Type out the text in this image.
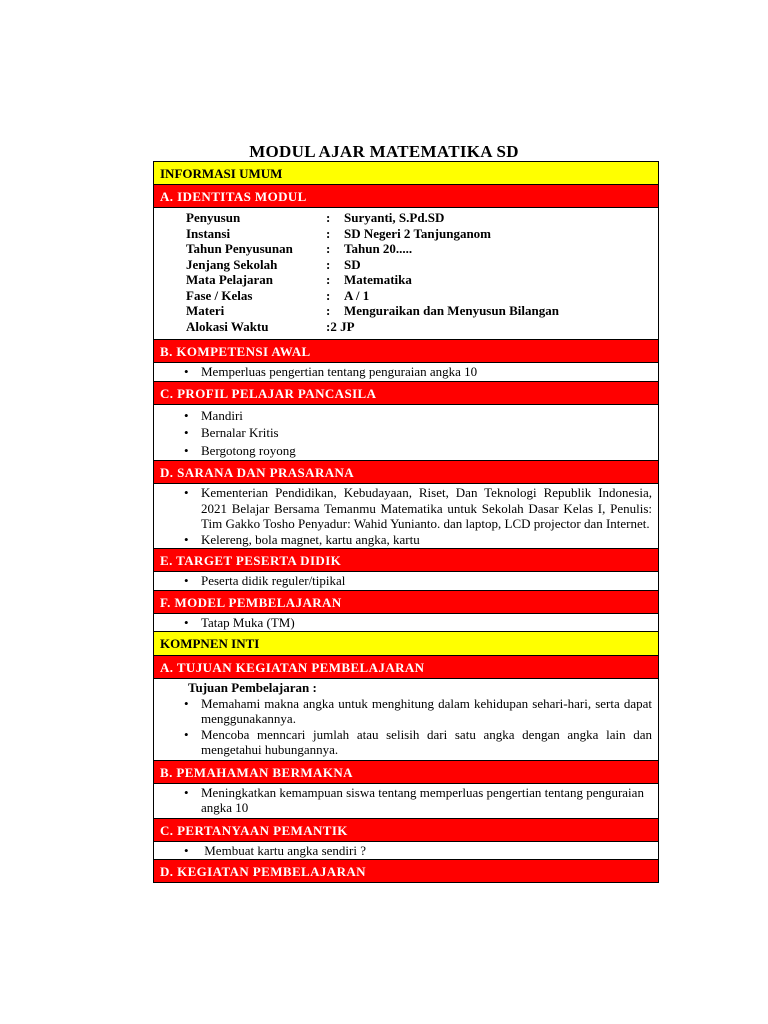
MODUL AJAR MATEMATIKA SD
INFORMASI UMUM
A. IDENTITAS MODUL
Penyusun	:	Suryanti, S.Pd.SD
Instansi	:	SD Negeri 2 Tanjunganom
Tahun Penyusunan	:	Tahun 20.....
Jenjang Sekolah	:	SD
Mata Pelajaran	:	Matematika
Fase / Kelas	:	A / 1
Materi	:	Menguraikan dan Menyusun Bilangan
Alokasi Waktu	:2 JP
B. KOMPETENSI AWAL
• Memperluas pengertian tentang penguraian angka 10
C. PROFIL PELAJAR PANCASILA
• Mandiri
• Bernalar Kritis
• Bergotong royong
D. SARANA DAN PRASARANA
• Kementerian Pendidikan, Kebudayaan, Riset, Dan Teknologi Republik Indonesia, 2021 Belajar Bersama Temanmu Matematika untuk Sekolah Dasar Kelas I, Penulis: Tim Gakko Tosho Penyadur: Wahid Yunianto. dan laptop, LCD projector dan Internet.
• Kelereng, bola magnet, kartu angka, kartu
E. TARGET PESERTA DIDIK
• Peserta didik reguler/tipikal
F. MODEL PEMBELAJARAN
• Tatap Muka (TM)
KOMPNEN INTI
A. TUJUAN KEGIATAN PEMBELAJARAN
Tujuan Pembelajaran :
• Memahami makna angka untuk menghitung dalam kehidupan sehari-hari, serta dapat menggunakannya.
• Mencoba menncari jumlah atau selisih dari satu angka dengan angka lain dan mengetahui hubungannya.
B. PEMAHAMAN BERMAKNA
• Meningkatkan kemampuan siswa tentang memperluas pengertian tentang penguraian angka 10
C. PERTANYAAN PEMANTIK
•  Membuat kartu angka sendiri ?
D. KEGIATAN PEMBELAJARAN
